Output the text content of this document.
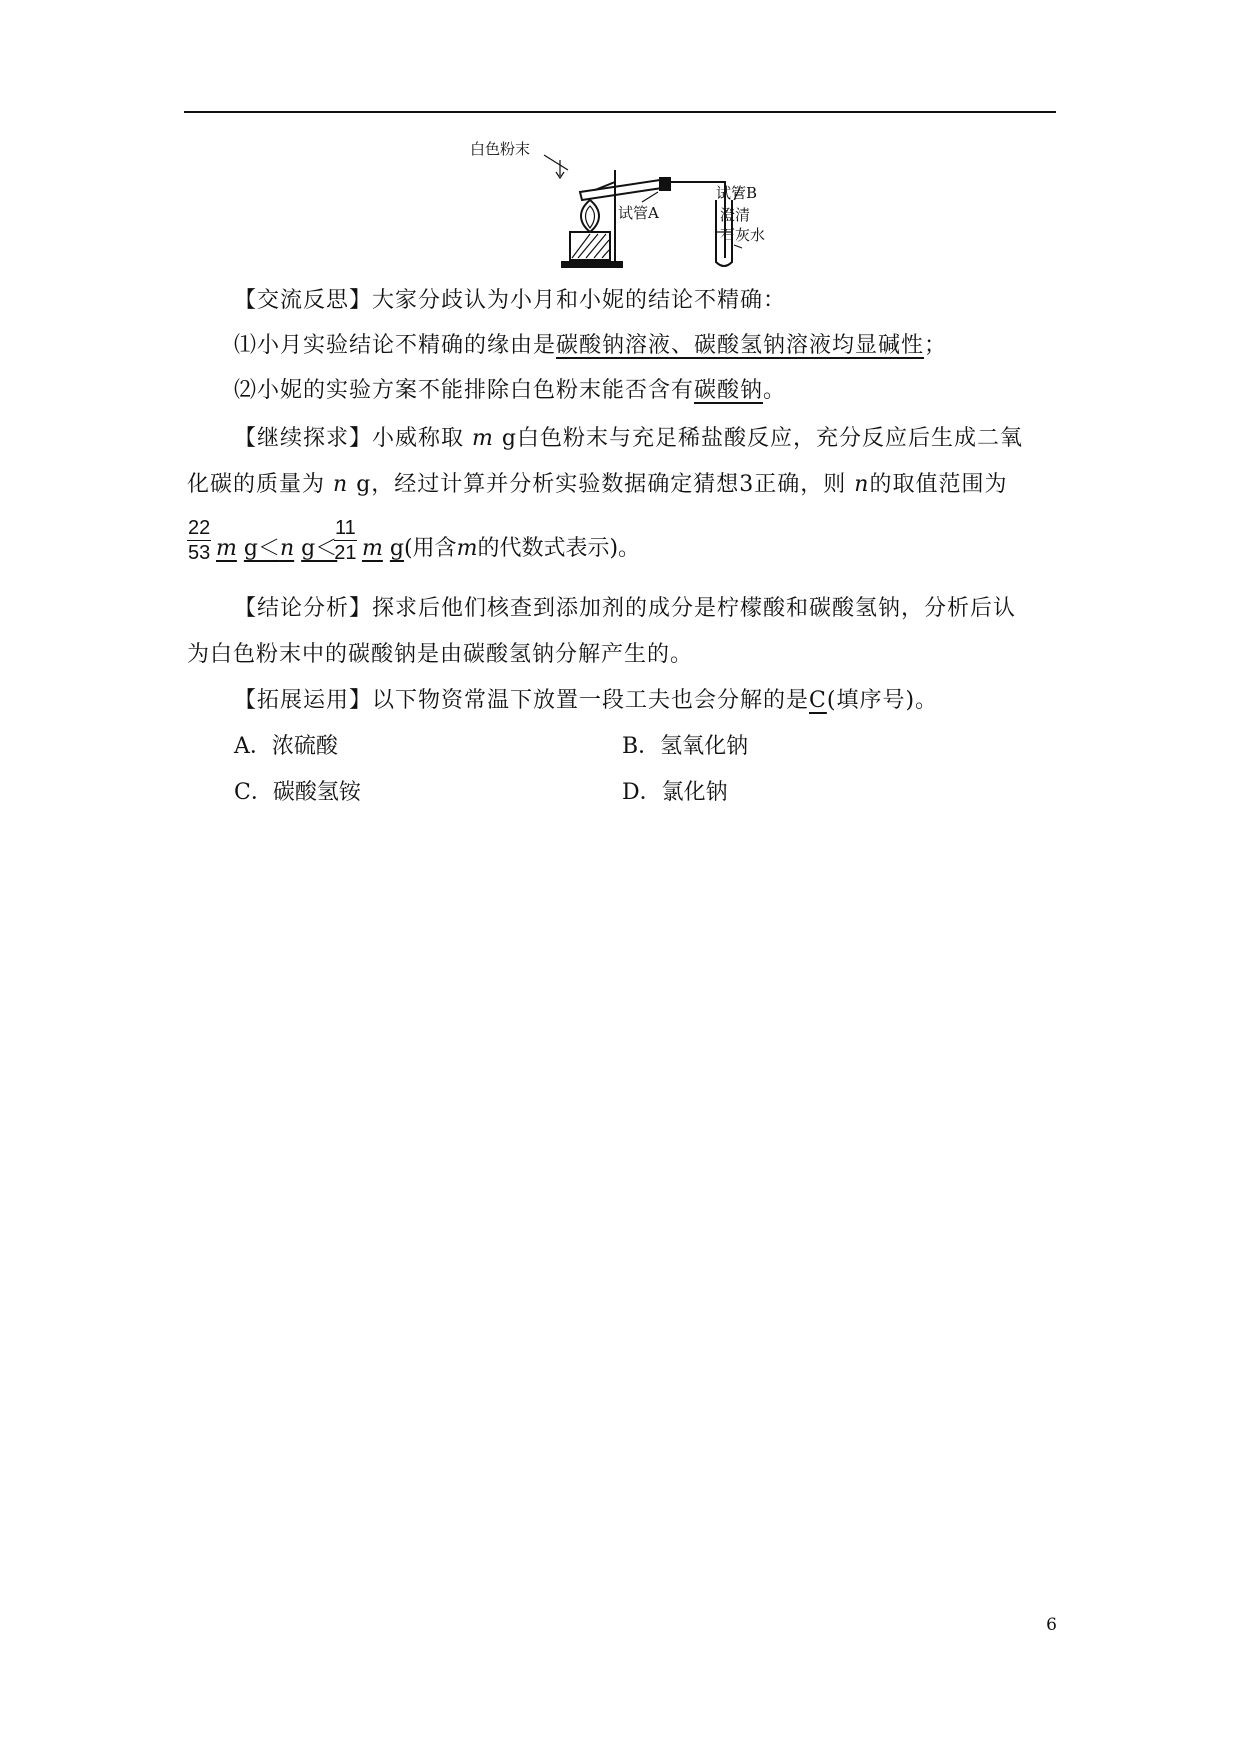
白色粉末
试管A
试管B
澄清
石灰水
【交流反思】大家分歧认为小月和小妮的结论不精确：
⑴小月实验结论不精确的缘由是碳酸钠溶液、碳酸氢钠溶液均显碱性；
⑵小妮的实验方案不能排除白色粉末能否含有碳酸钠。
【继续探求】小威称取 m g白色粉末与充足稀盐酸反应，充分反应后生成二氧
化碳的质量为 n g，经过计算并分析实验数据确定猜想3正确，则 n的取值范围为
$\frac{22}{53}$ m g＜n g＜
$\frac{11}{21}$ m g(用含m的代数式表示)。
【结论分析】探求后他们核查到添加剂的成分是柠檬酸和碳酸氢钠，分析后认
为白色粉末中的碳酸钠是由碳酸氢钠分解产生的。
【拓展运用】以下物资常温下放置一段工夫也会分解的是C(填序号)。
A．浓硫酸	B．氢氧化钠
C．碳酸氢铵	D．氯化钠
6
